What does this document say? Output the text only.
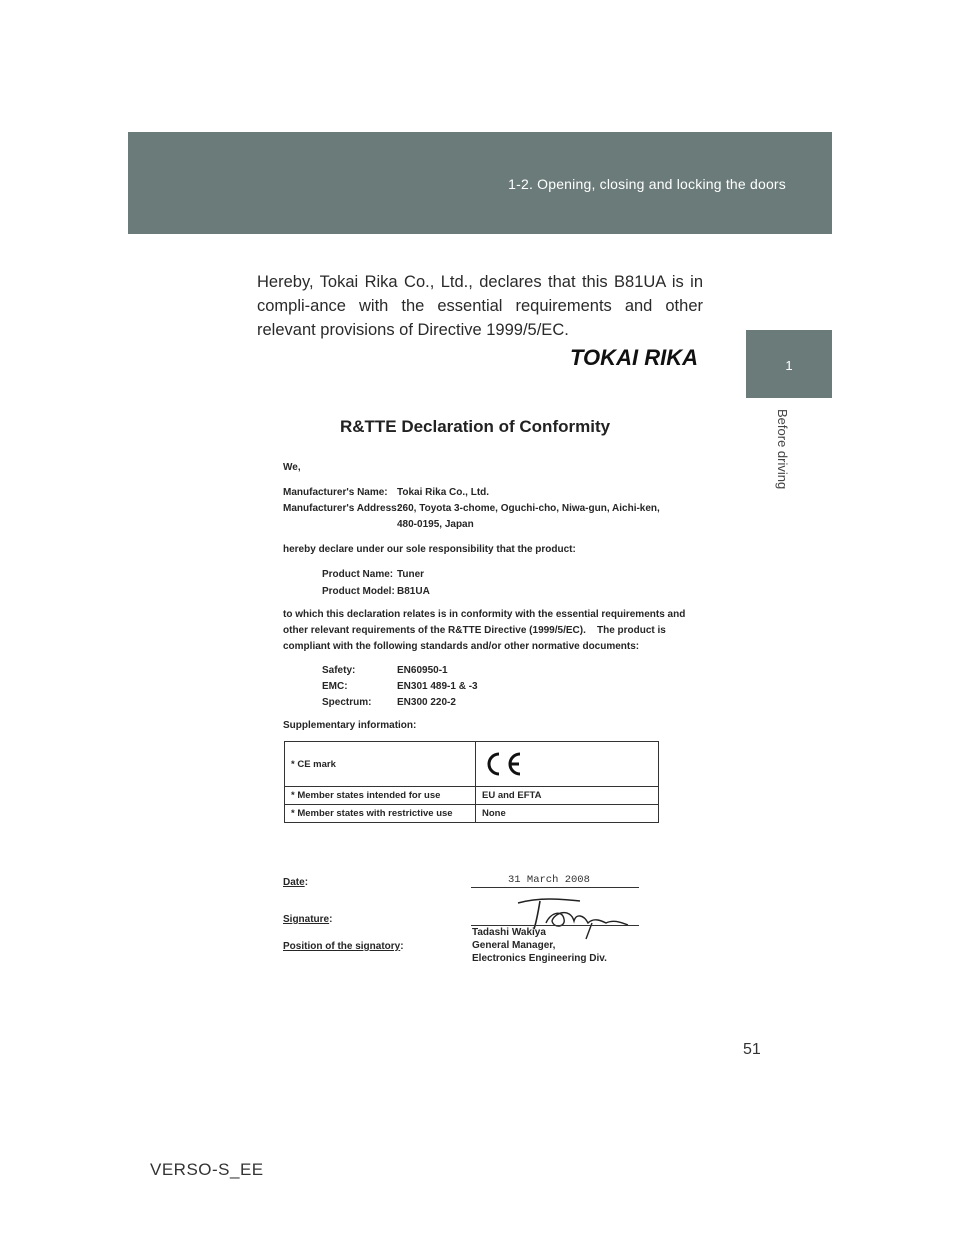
1-2. Opening, closing and locking the doors
1
Before driving
Hereby, Tokai Rika Co., Ltd., declares that this B81UA is in compli-ance with the essential requirements and other relevant provisions of Directive 1999/5/EC.
TOKAI RIKA
R&TTE Declaration of Conformity
We,
Manufacturer's Name: Tokai Rika Co., Ltd.
Manufacturer's Address:
260, Toyota 3-chome, Oguchi-cho, Niwa-gun, Aichi-ken,
480-0195, Japan
hereby declare under our sole responsibility that the product:
Product Name: Tuner
Product Model: B81UA
to which this declaration relates is in conformity with the essential requirements and
other relevant requirements of the R&TTE Directive (1999/5/EC).    The product is
compliant with the following standards and/or other normative documents:
Safety:	EN60950-1
EMC:	EN301 489-1 & -3
Spectrum:	EN300 220-2
Supplementary information:
* CE mark	
* Member states intended for use	EU and EFTA
* Member states with restrictive use	None
Date:	31 March 2008
Signature:
Tadashi Wakiya
Position of the signatory:	General Manager,
Electronics Engineering Div.
51
VERSO-S_EE
